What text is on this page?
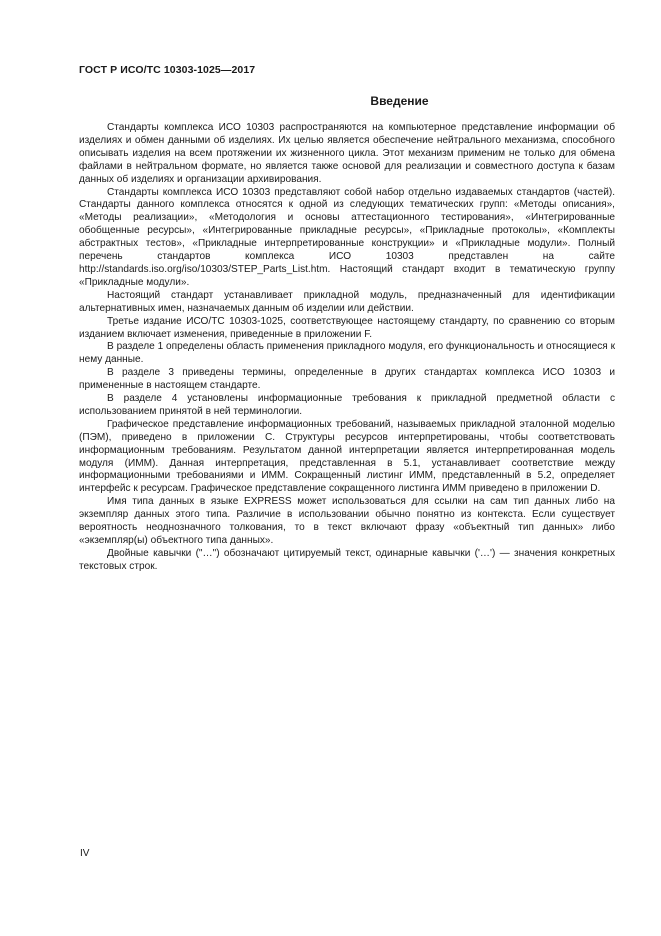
ГОСТ Р ИСО/ТС 10303-1025—2017
Введение

Стандарты комплекса ИСО 10303 распространяются на компьютерное представление информации об изделиях и обмен данными об изделиях. Их целью является обеспечение нейтрального механизма, способного описывать изделия на всем протяжении их жизненного цикла. Этот механизм применим не только для обмена файлами в нейтральном формате, но является также основой для реализации и совместного доступа к базам данных об изделиях и организации архивирования.

Стандарты комплекса ИСО 10303 представляют собой набор отдельно издаваемых стандартов (частей). Стандарты данного комплекса относятся к одной из следующих тематических групп: «Методы описания», «Методы реализации», «Методология и основы аттестационного тестирования», «Интегрированные обобщенные ресурсы», «Интегрированные прикладные ресурсы», «Прикладные протоколы», «Комплекты абстрактных тестов», «Прикладные интерпретированные конструкции» и «Прикладные модули». Полный перечень стандартов комплекса ИСО 10303 представлен на сайте http://standards.iso.org/iso/10303/STEP_Parts_List.htm. Настоящий стандарт входит в тематическую группу «Прикладные модули».

Настоящий стандарт устанавливает прикладной модуль, предназначенный для идентификации альтернативных имен, назначаемых данным об изделии или действии.

Третье издание ИСО/ТС 10303-1025, соответствующее настоящему стандарту, по сравнению со вторым изданием включает изменения, приведенные в приложении F.

В разделе 1 определены область применения прикладного модуля, его функциональность и относящиеся к нему данные.

В разделе 3 приведены термины, определенные в других стандартах комплекса ИСО 10303 и примененные в настоящем стандарте.

В разделе 4 установлены информационные требования к прикладной предметной области с использованием принятой в ней терминологии.

Графическое представление информационных требований, называемых прикладной эталонной моделью (ПЭМ), приведено в приложении С. Структуры ресурсов интерпретированы, чтобы соответствовать информационным требованиям. Результатом данной интерпретации является интерпретированная модель модуля (ИММ). Данная интерпретация, представленная в 5.1, устанавливает соответствие между информационными требованиями и ИММ. Сокращенный листинг ИММ, представленный в 5.2, определяет интерфейс к ресурсам. Графическое представление сокращенного листинга ИММ приведено в приложении D.

Имя типа данных в языке EXPRESS может использоваться для ссылки на сам тип данных либо на экземпляр данных этого типа. Различие в использовании обычно понятно из контекста. Если существует вероятность неоднозначного толкования, то в текст включают фразу «объектный тип данных» либо «экземпляр(ы) объектного типа данных».

Двойные кавычки ("…") обозначают цитируемый текст, одинарные кавычки ('…') — значения конкретных текстовых строк.

IV
